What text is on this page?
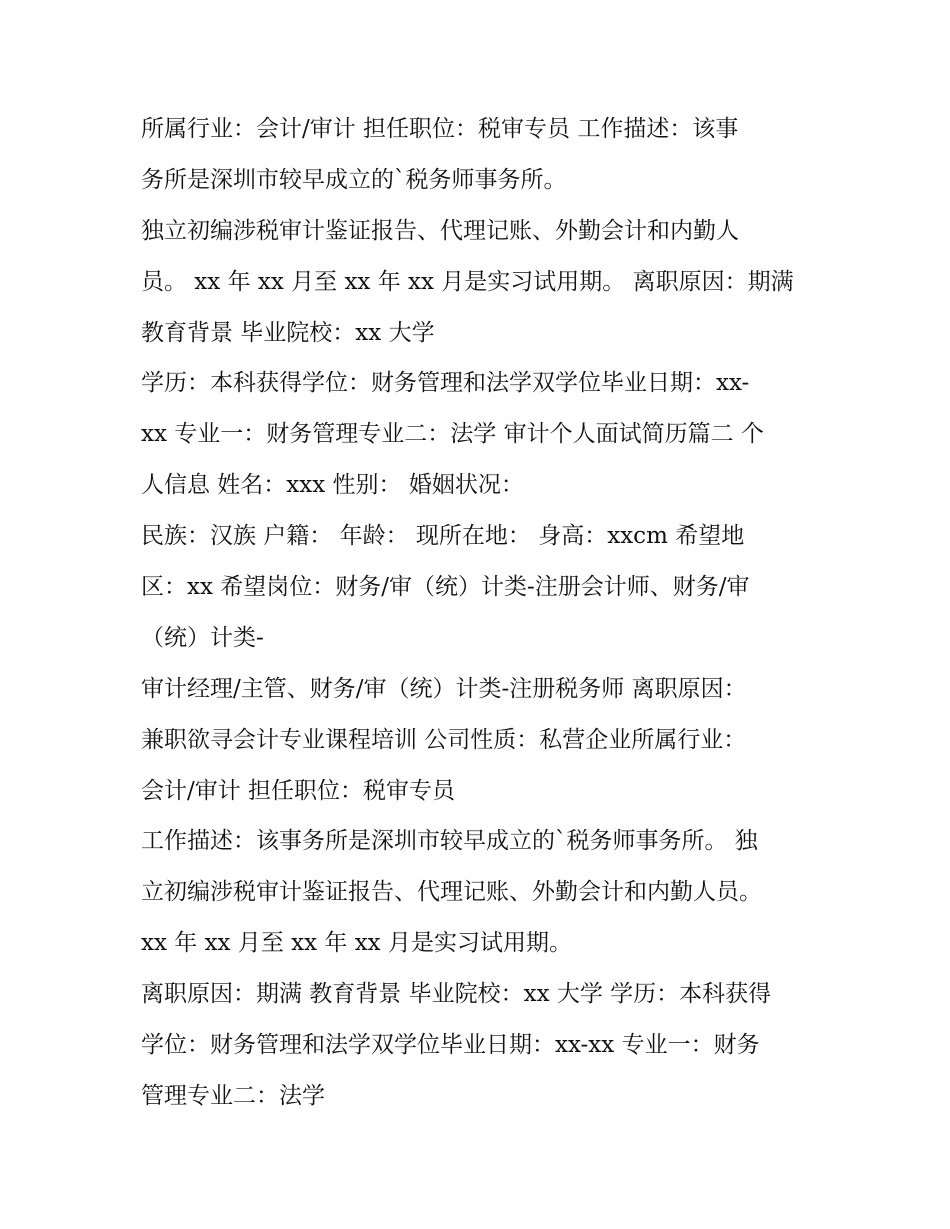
所属行业：会计/审计 担任职位：税审专员 工作描述：该事
务所是深圳市较早成立的`税务师事务所。
独立初编涉税审计鉴证报告、代理记账、外勤会计和内勤人
员。 xx 年 xx 月至 xx 年 xx 月是实习试用期。 离职原因：期满
教育背景 毕业院校：xx 大学
学历：本科获得学位：财务管理和法学双学位毕业日期：xx-
xx 专业一：财务管理专业二：法学 审计个人面试简历篇二 个
人信息 姓名：xxx 性别： 婚姻状况：
民族：汉族 户籍： 年龄： 现所在地： 身高：xxcm 希望地
区：xx 希望岗位：财务/审（统）计类-注册会计师、财务/审
（统）计类-
审计经理/主管、财务/审（统）计类-注册税务师 离职原因：
兼职欲寻会计专业课程培训 公司性质：私营企业所属行业：
会计/审计 担任职位：税审专员
工作描述：该事务所是深圳市较早成立的`税务师事务所。 独
立初编涉税审计鉴证报告、代理记账、外勤会计和内勤人员。
xx 年 xx 月至 xx 年 xx 月是实习试用期。
离职原因：期满 教育背景 毕业院校：xx 大学 学历：本科获得
学位：财务管理和法学双学位毕业日期：xx-xx 专业一：财务
管理专业二：法学
